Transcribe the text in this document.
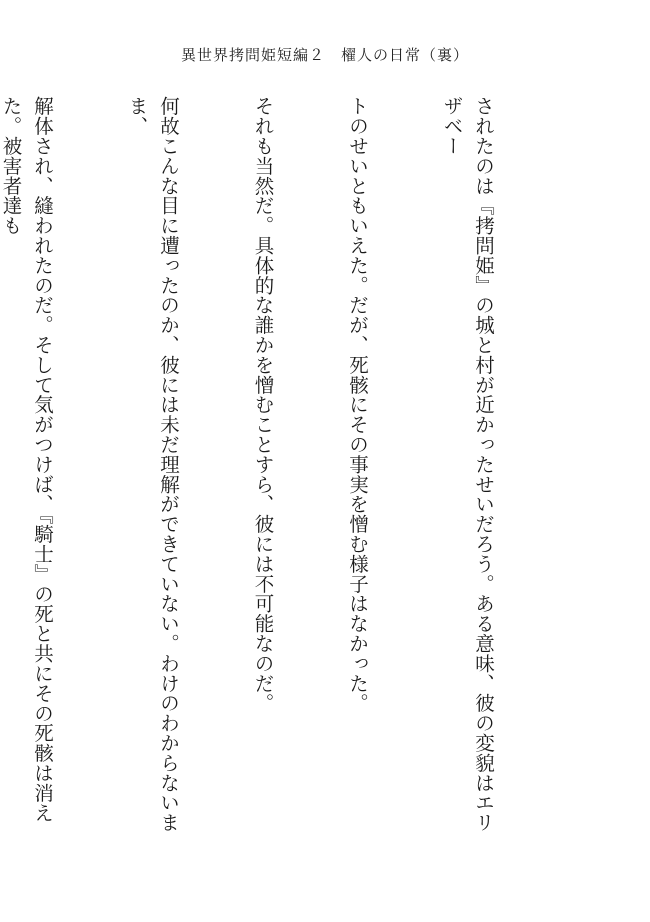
異世界拷問姫短編２　櫂人の日常（裏）

されたのは『拷問姫』の城と村が近かったせいだろう。ある意味、彼の変貌はエリザベー

トのせいともいえた。だが、死骸にその事実を憎む様子はなかった。

それも当然だ。具体的な誰かを憎むことすら、彼には不可能なのだ。

何故こんな目に遭ったのか、彼には未だ理解ができていない。わけのわからないまま、

解体され、縫われたのだ。そして気がつけば、『騎士』の死と共にその死骸は消えた。被害者達も
